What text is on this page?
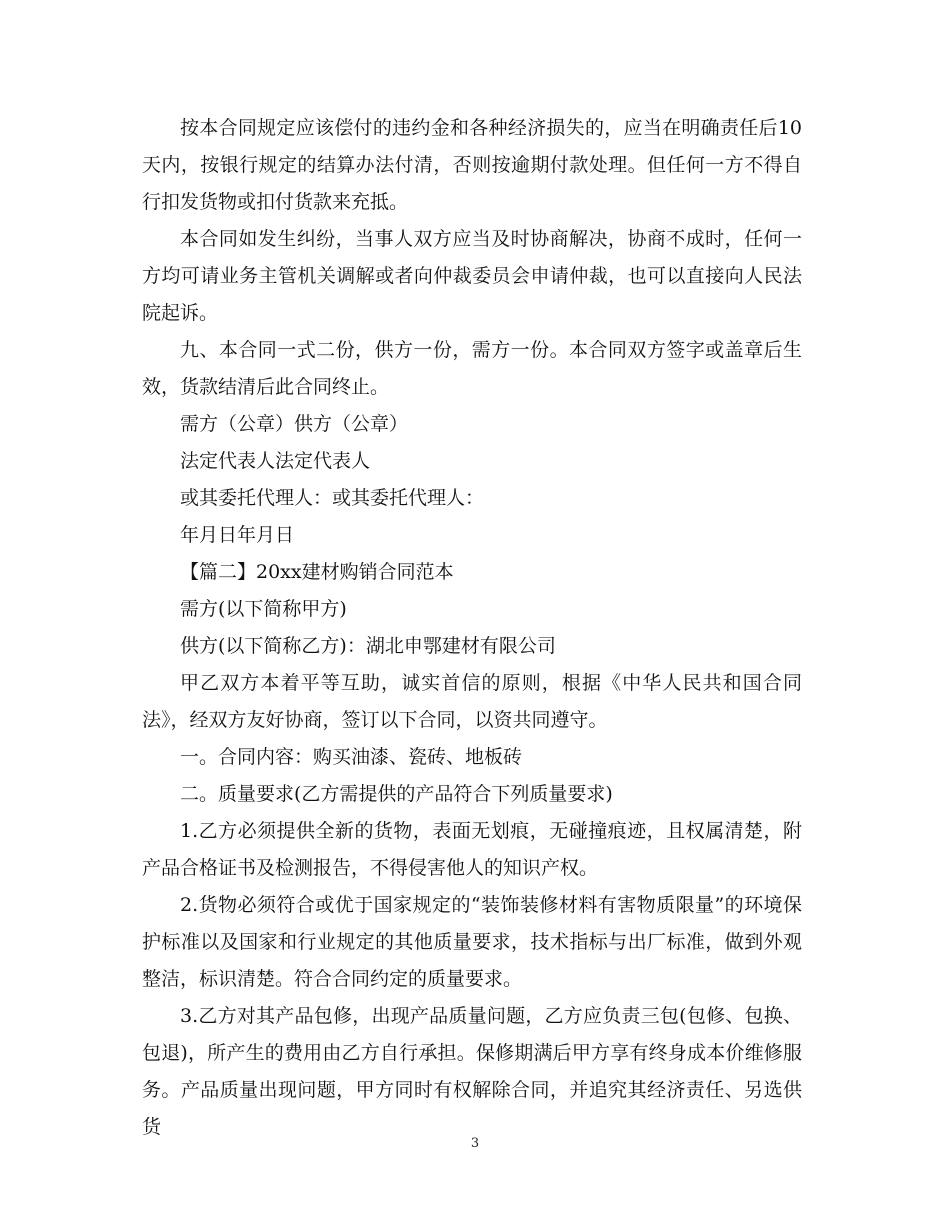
按本合同规定应该偿付的违约金和各种经济损失的，应当在明确责任后10天内，按银行规定的结算办法付清，否则按逾期付款处理。但任何一方不得自行扣发货物或扣付货款来充抵。

本合同如发生纠纷，当事人双方应当及时协商解决，协商不成时，任何一方均可请业务主管机关调解或者向仲裁委员会申请仲裁，也可以直接向人民法院起诉。

九、本合同一式二份，供方一份，需方一份。本合同双方签字或盖章后生效，货款结清后此合同终止。

需方（公章）供方（公章）

法定代表人法定代表人

或其委托代理人：或其委托代理人：

年月日年月日

【篇二】20xx建材购销合同范本

需方(以下简称甲方)

供方(以下简称乙方)：湖北申鄂建材有限公司

甲乙双方本着平等互助，诚实首信的原则，根据《中华人民共和国合同法》，经双方友好协商，签订以下合同，以资共同遵守。

一。合同内容：购买油漆、瓷砖、地板砖

二。质量要求(乙方需提供的产品符合下列质量要求)

1.乙方必须提供全新的货物，表面无划痕，无碰撞痕迹，且权属清楚，附产品合格证书及检测报告，不得侵害他人的知识产权。

2.货物必须符合或优于国家规定的“装饰装修材料有害物质限量”的环境保护标准以及国家和行业规定的其他质量要求，技术指标与出厂标准，做到外观整洁，标识清楚。符合合同约定的质量要求。

3.乙方对其产品包修，出现产品质量问题，乙方应负责三包(包修、包换、包退)，所产生的费用由乙方自行承担。保修期满后甲方享有终身成本价维修服务。产品质量出现问题，甲方同时有权解除合同，并追究其经济责任、另选供货

3
